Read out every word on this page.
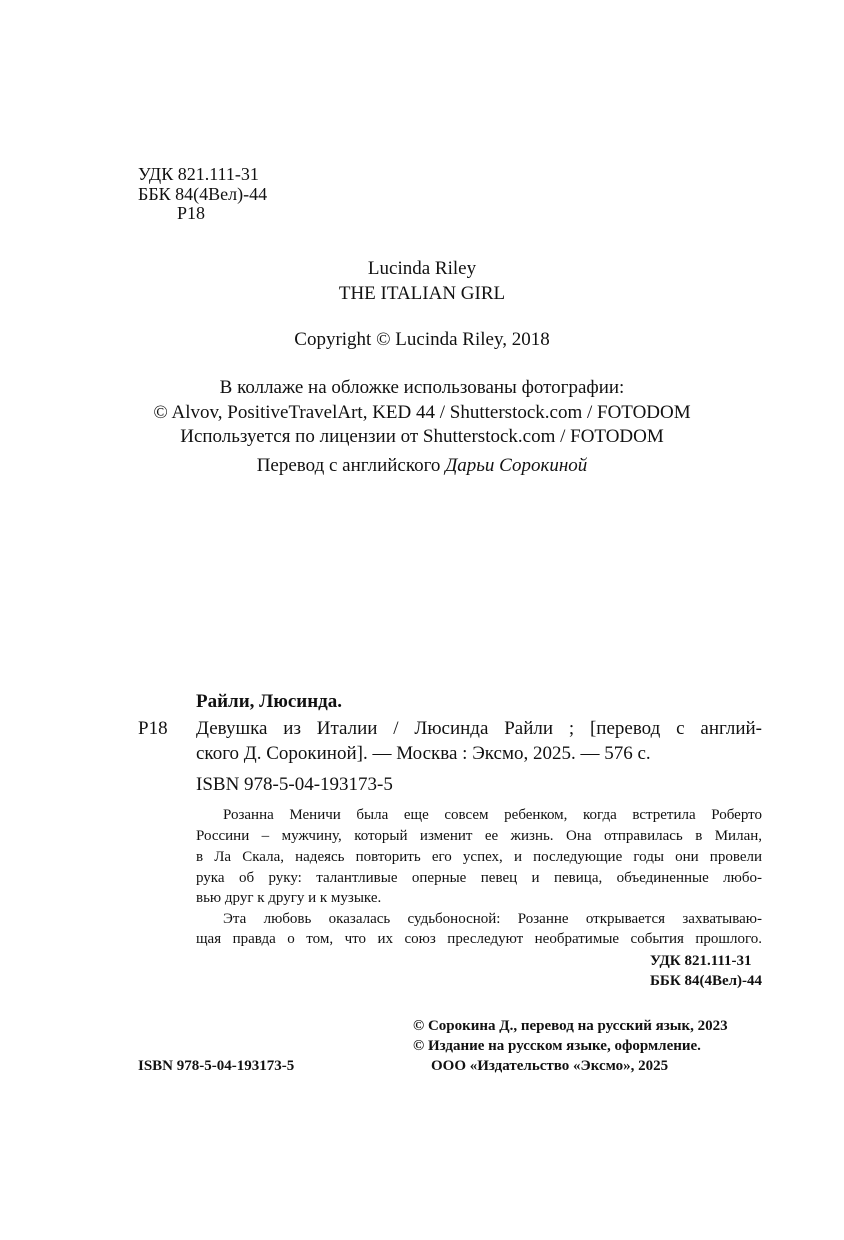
УДК 821.111-31
ББК 84(4Вел)-44
Р18
Lucinda Riley
THE ITALIAN GIRL
Copyright © Lucinda Riley, 2018
В коллаже на обложке использованы фотографии:
© Alvov, PositiveTravelArt, KED 44 / Shutterstock.com / FOTODOM
Используется по лицензии от Shutterstock.com / FOTODOM
Перевод с английского Дарьи Сорокиной
Райли, Люсинда.
Р18 Девушка из Италии / Люсинда Райли ; [перевод с англий-
ского Д. Сорокиной]. — Москва : Эксмо, 2025. — 576 с.
ISBN 978-5-04-193173-5
Розанна Меничи была еще совсем ребенком, когда встретила Роберто
Россини – мужчину, который изменит ее жизнь. Она отправилась в Милан,
в Ла Скала, надеясь повторить его успех, и последующие годы они провели
рука об руку: талантливые оперные певец и певица, объединенные любо-
вью друг к другу и к музыке.
Эта любовь оказалась судьбоносной: Розанне открывается захватываю-
щая правда о том, что их союз преследуют необратимые события прошлого.
УДК 821.111-31
ББК 84(4Вел)-44
© Сорокина Д., перевод на русский язык, 2023
© Издание на русском языке, оформление.
ISBN 978-5-04-193173-5	ООО «Издательство «Эксмо», 2025
